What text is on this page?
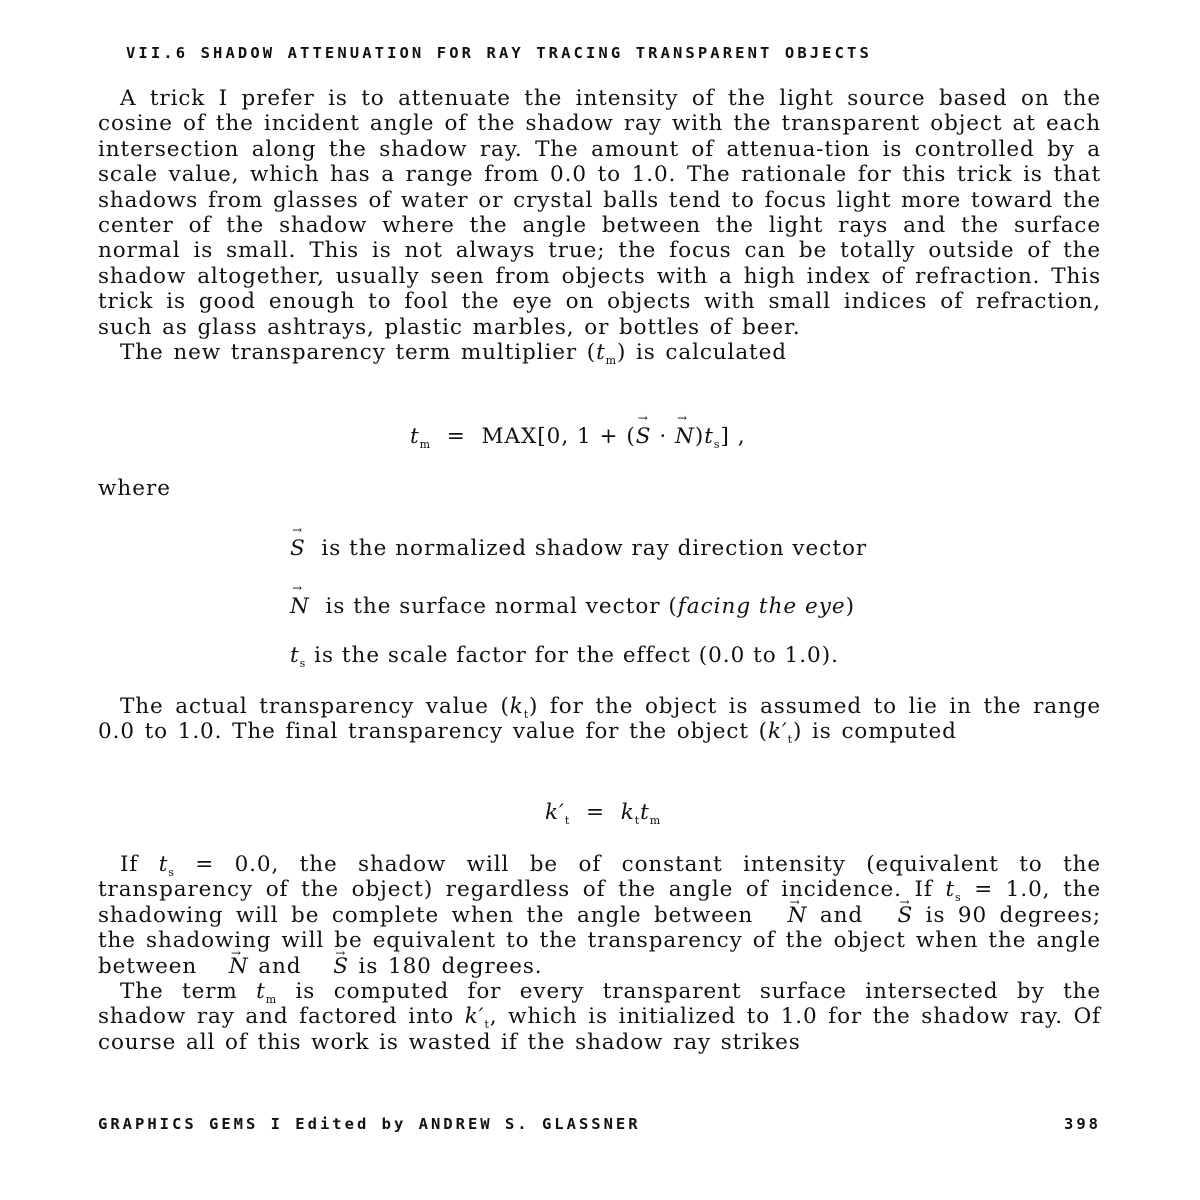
VII.6 SHADOW ATTENUATION FOR RAY TRACING TRANSPARENT OBJECTS

A trick I prefer is to attenuate the intensity of the light source based on the cosine of the incident angle of the shadow ray with the transparent object at each intersection along the shadow ray. The amount of attenua-tion is controlled by a scale value, which has a range from 0.0 to 1.0. The rationale for this trick is that shadows from glasses of water or crystal balls tend to focus light more toward the center of the shadow where the angle between the light rays and the surface normal is small. This is not always true; the focus can be totally outside of the shadow altogether, usually seen from objects with a high index of refraction. This trick is good enough to fool the eye on objects with small indices of refraction, such as glass ashtrays, plastic marbles, or bottles of beer.

The new transparency term multiplier $(t_m)$ is calculated

$t_m = MAX[0$, 1 + (→ S · → $N)t_s$] ,
where
→ S is the normalized shadow ray direction vector
→ N is the surface normal vector (facing the eye)
$t_s$ is the scale factor for the effect (0.0 to 1.0).

The actual transparency value $(k_t)$ for the object is assumed to lie in the range 0.0 to 1.0. The final transparency value for the object $(k'_t)$ is computed

$k'_t = k_tt_m$

If $t_s = 0.0$, the shadow will be of constant intensity (equivalent to the transparency of the object) regardless of the angle of incidence. If $t_s = 1.0$, the shadowing will be complete when the angle between → N and → S is 90 degrees; the shadowing will be equivalent to the transparency of the object when the angle between → N and → S is 180 degrees.

The term $t_m$ is computed for every transparent surface intersected by the shadow ray and factored into $k'_t$, which is initialized to 1.0 for the shadow ray. Of course all of this work is wasted if the shadow ray strikes

GRAPHICS GEMS I Edited by ANDREW S. GLASSNER	398
